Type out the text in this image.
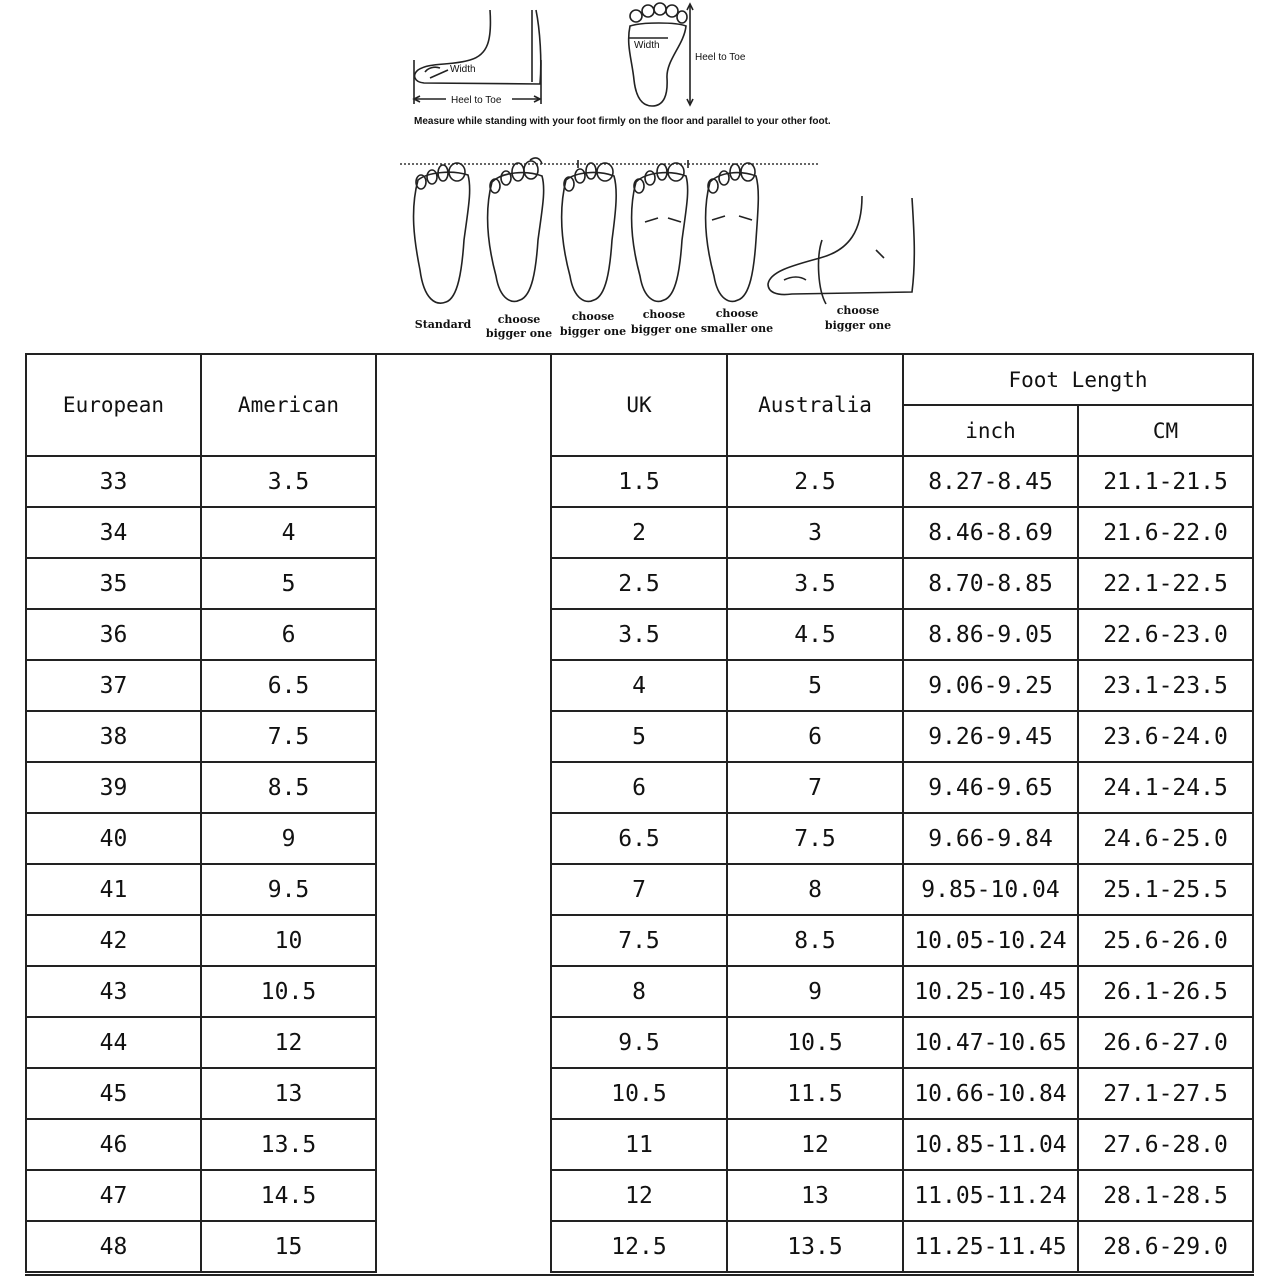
Width
Heel to Toe
Width
Heel to Toe
Measure while standing with your foot firmly on the floor and parallel to your other foot.
Standard choose
bigger one
choose
bigger one
choose
bigger one
choose
smaller one
choose
bigger one
European	American		UK	Australia	Foot Length	
					inch	CM
33	3.5		1.5	2.5	8.27-8.45	21.1-21.5
34	4		2	3	8.46-8.69	21.6-22.0
35	5		2.5	3.5	8.70-8.85	22.1-22.5
36	6		3.5	4.5	8.86-9.05	22.6-23.0
37	6.5		4	5	9.06-9.25	23.1-23.5
38	7.5		5	6	9.26-9.45	23.6-24.0
39	8.5		6	7	9.46-9.65	24.1-24.5
40	9		6.5	7.5	9.66-9.84	24.6-25.0
41	9.5		7	8	9.85-10.04	25.1-25.5
42	10		7.5	8.5	10.05-10.24	25.6-26.0
43	10.5		8	9	10.25-10.45	26.1-26.5
44	12		9.5	10.5	10.47-10.65	26.6-27.0
45	13		10.5	11.5	10.66-10.84	27.1-27.5
46	13.5		11	12	10.85-11.04	27.6-28.0
47	14.5		12	13	11.05-11.24	28.1-28.5
48	15		12.5	13.5	11.25-11.45	28.6-29.0
